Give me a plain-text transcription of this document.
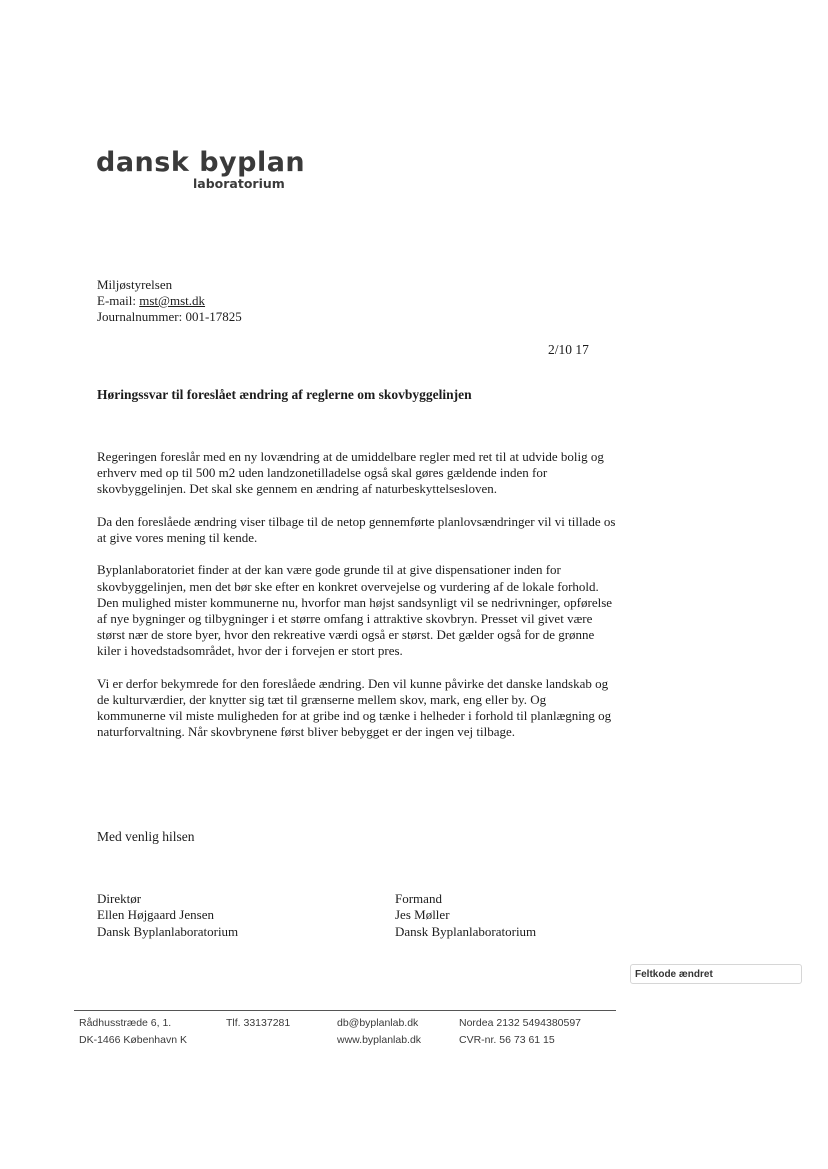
dansk byplan
laboratorium
Miljøstyrelsen
E-mail: mst@mst.dk
Journalnummer: 001-17825
2/10 17
Høringssvar til foreslået ændring af reglerne om skovbyggelinjen

Regeringen foreslår med en ny lovændring at de umiddelbare regler med ret til at udvide bolig og erhverv med op til 500 m2 uden landzonetilladelse også skal gøres gældende inden for skovbyggelinjen. Det skal ske gennem en ændring af naturbeskyttelsesloven.

Da den foreslåede ændring viser tilbage til de netop gennemførte planlovsændringer vil vi tillade os at give vores mening til kende.

Byplanlaboratoriet finder at der kan være gode grunde til at give dispensationer inden for skovbyggelinjen, men det bør ske efter en konkret overvejelse og vurdering af de lokale forhold. Den mulighed mister kommunerne nu, hvorfor man højst sandsynligt vil se nedrivninger, opførelse af nye bygninger og tilbygninger i et større omfang i attraktive skovbryn. Presset vil givet være størst nær de store byer, hvor den rekreative værdi også er størst. Det gælder også for de grønne kiler i hovedstadsområdet, hvor der i forvejen er stort pres.

Vi er derfor bekymrede for den foreslåede ændring. Den vil kunne påvirke det danske landskab og de kulturværdier, der knytter sig tæt til grænserne mellem skov, mark, eng eller by. Og kommunerne vil miste muligheden for at gribe ind og tænke i helheder i forhold til planlægning og naturforvaltning. Når skovbrynene først bliver bebygget er der ingen vej tilbage.

Med venlig hilsen
Direktør
Ellen Højgaard Jensen
Dansk Byplanlaboratorium
Formand
Jes Møller
Dansk Byplanlaboratorium
Feltkode ændret
Rådhusstræde 6, 1.
DK-1466 København K
Tlf. 33137281	db@byplanlab.dk
www.byplanlab.dk
Nordea 2132 5494380597
CVR-nr. 56 73 61 15
